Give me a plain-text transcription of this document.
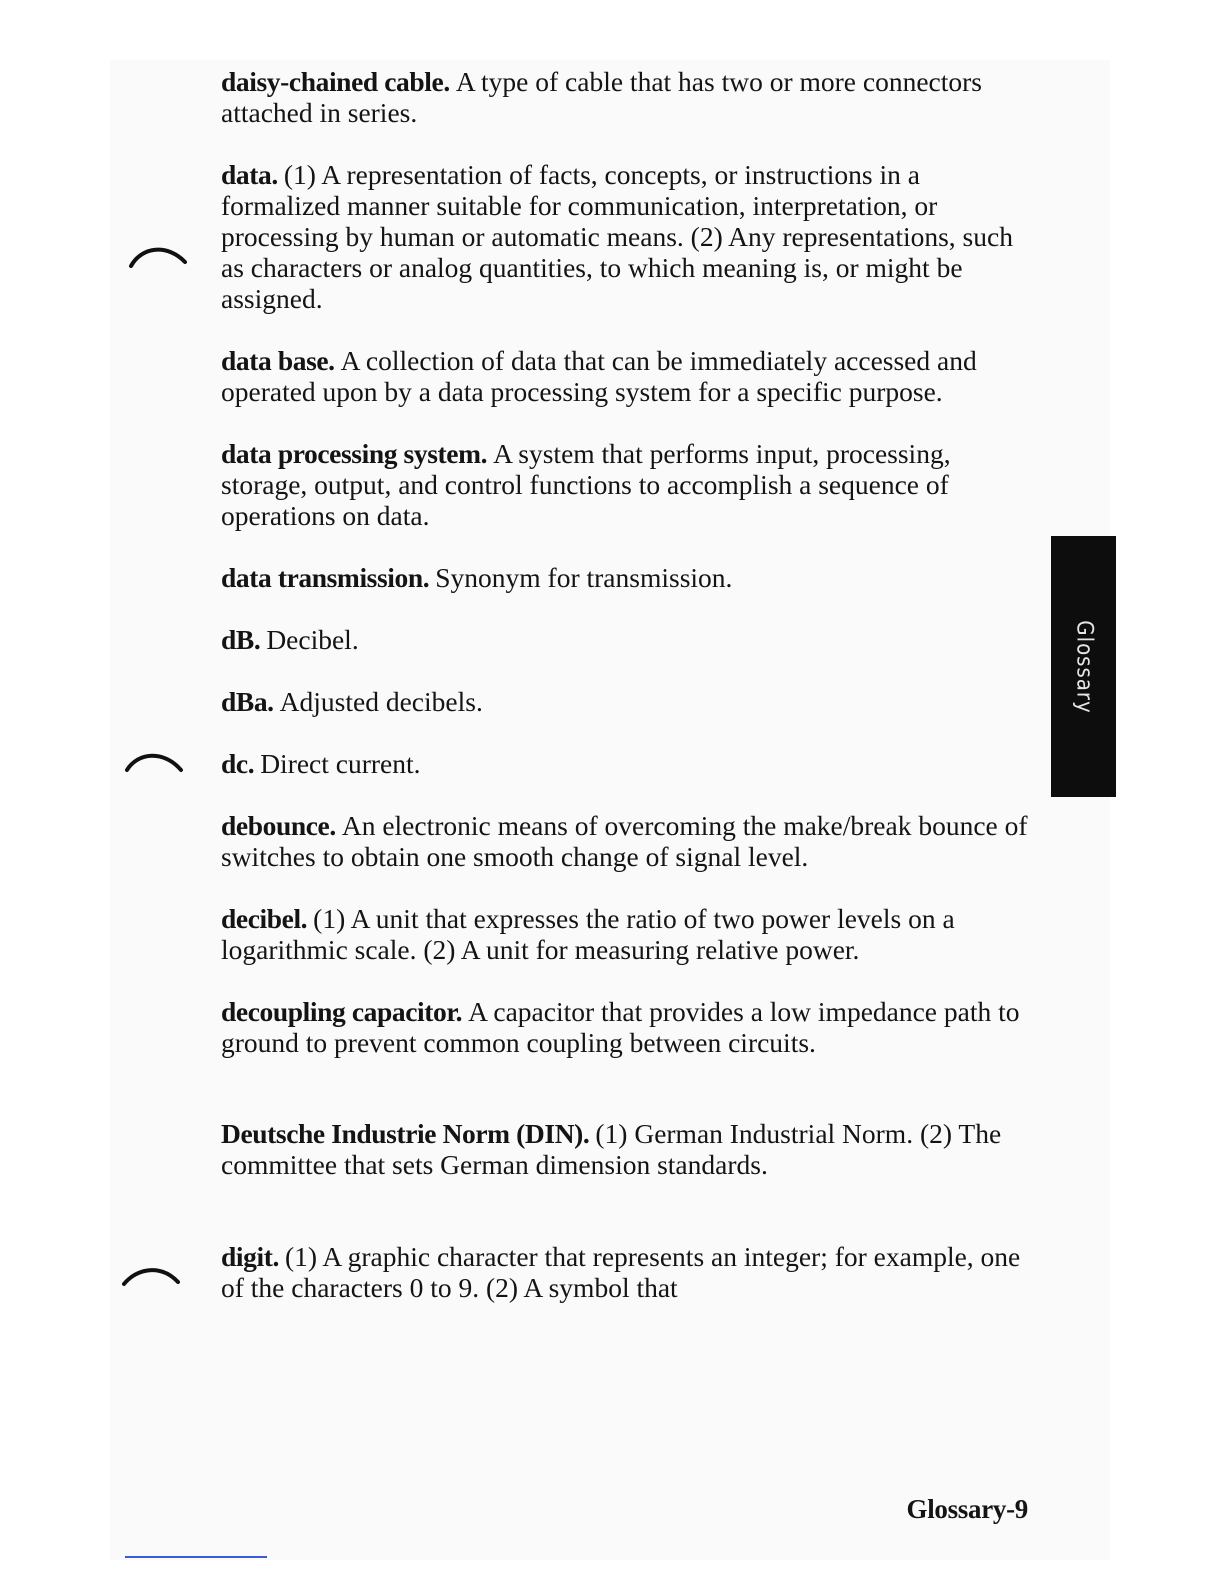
daisy-chained cable. A type of cable that has two or more connectors attached in series.

data. (1) A representation of facts, concepts, or instructions in a formalized manner suitable for communication, interpretation, or processing by human or automatic means. (2) Any representations, such as characters or analog quantities, to which meaning is, or might be assigned.

data base. A collection of data that can be immediately accessed and operated upon by a data processing system for a specific purpose.

data processing system. A system that performs input, processing, storage, output, and control functions to accomplish a sequence of operations on data.

data transmission. Synonym for transmission.

dB. Decibel.

dBa. Adjusted decibels.

dc. Direct current.

debounce. An electronic means of overcoming the make/break bounce of switches to obtain one smooth change of signal level.

decibel. (1) A unit that expresses the ratio of two power levels on a logarithmic scale. (2) A unit for measuring relative power.

decoupling capacitor. A capacitor that provides a low impedance path to ground to prevent common coupling between circuits.

Deutsche Industrie Norm (DIN). (1) German Industrial Norm. (2) The committee that sets German dimension standards.

digit. (1) A graphic character that represents an integer; for example, one of the characters 0 to 9. (2) A symbol that

Glossary
Glossary-9
